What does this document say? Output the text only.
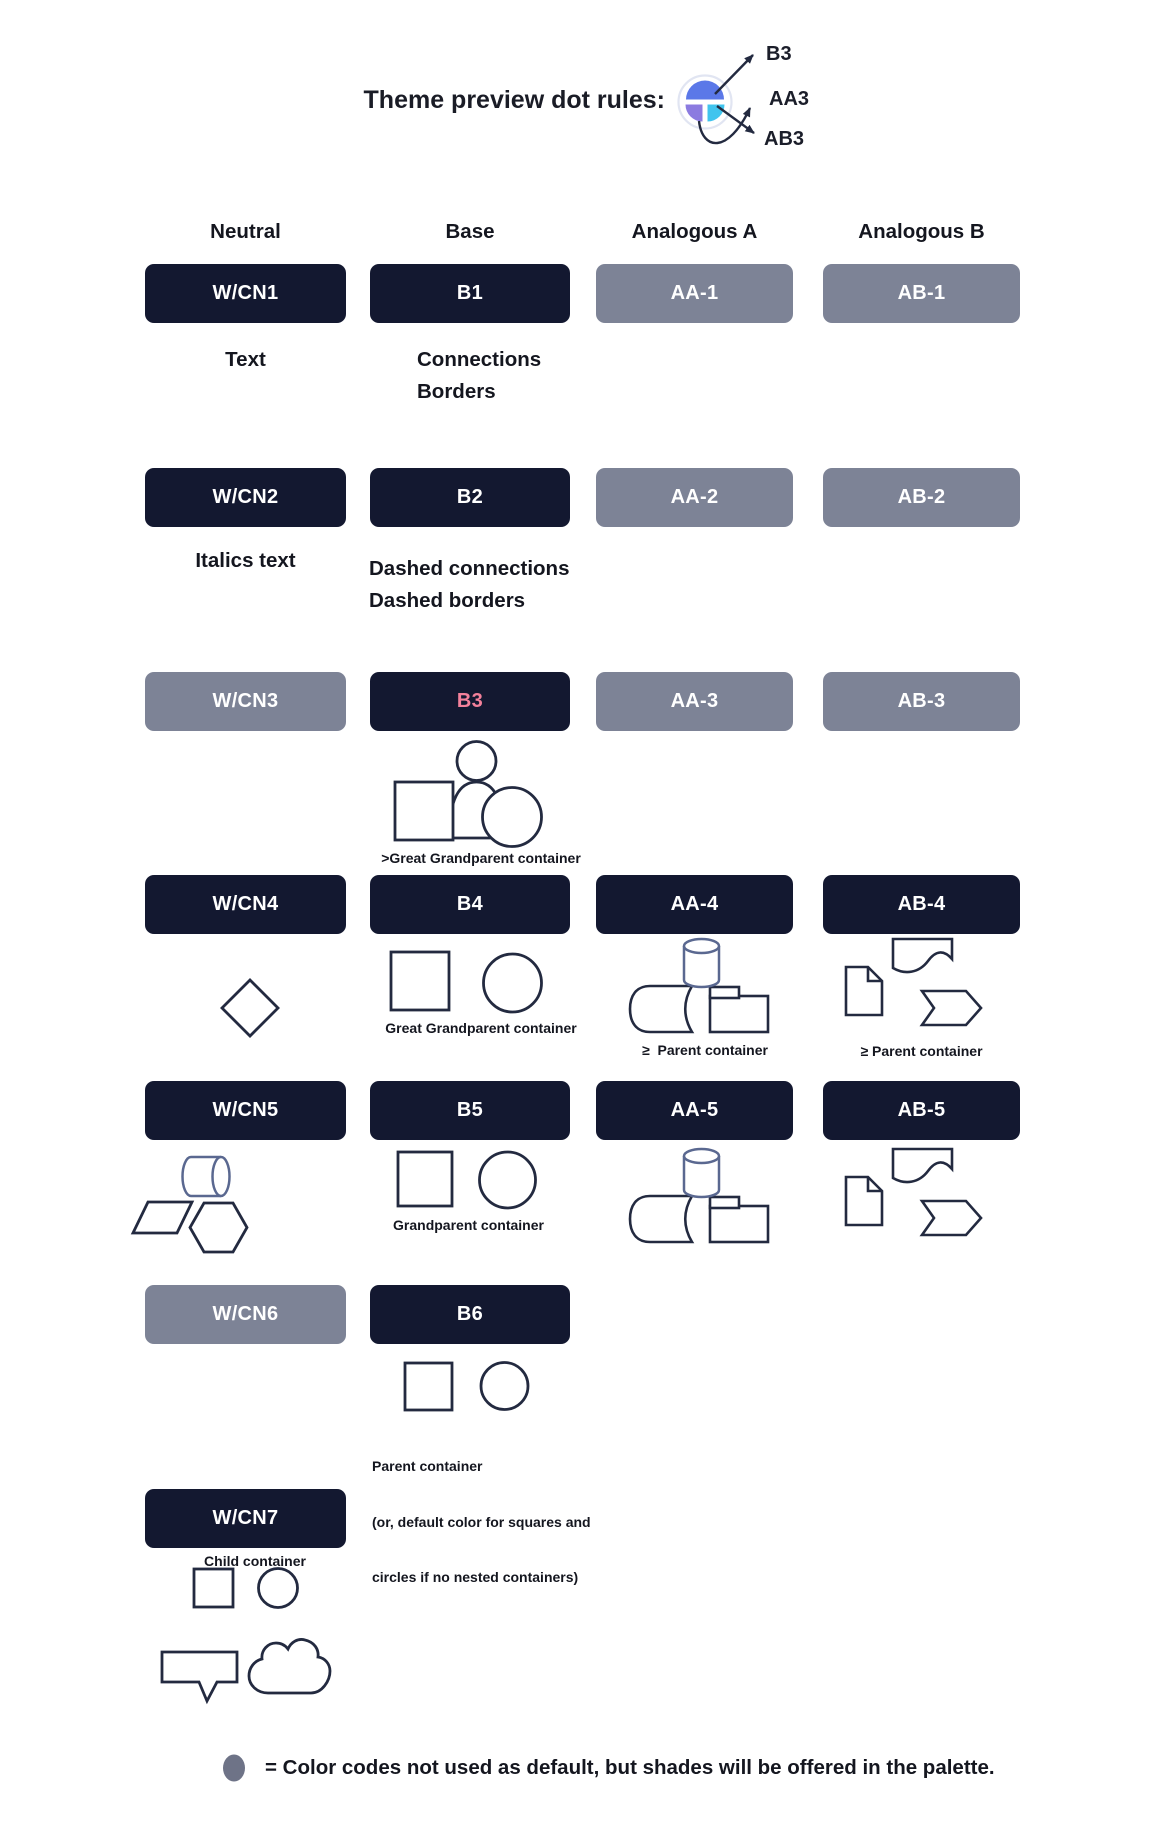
Theme preview dot rules:
B3
AA3
AB3
Neutral	Base	Analogous A	Analogous B
W/CN1	B1	AA-1	AB-1
W/CN2	B2	AA-2	AB-2
W/CN3	B3	AA-3	AB-3
W/CN4	B4	AA-4	AB-4
W/CN5	B5	AA-5	AB-5
W/CN6	B6
W/CN7
Text	Connections
Borders
Italics text	Dashed connections
Dashed borders
>Great Grandparent container
Great Grandparent container
≥  Parent container	≥ Parent container
Grandparent container

Parent container

(or, default color for squares and

circles if no nested containers)

Child container
= Color codes not used as default, but shades will be offered in the palette.
